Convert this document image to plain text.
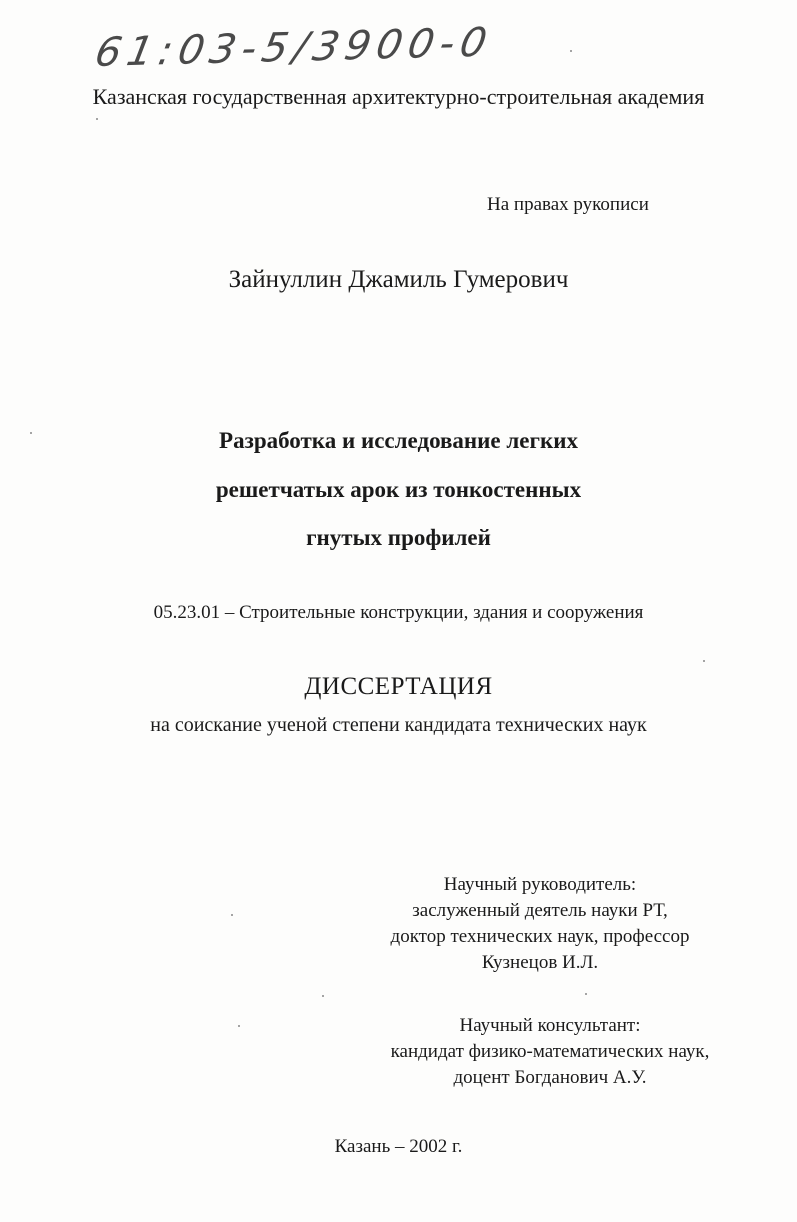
61:03-5/3900-0
Казанская государственная архитектурно-строительная академия
На правах рукописи
Зайнуллин Джамиль Гумерович
Разработка и исследование легких
решетчатых арок из тонкостенных
гнутых профилей
05.23.01 – Строительные конструкции, здания и сооружения
ДИССЕРТАЦИЯ
на соискание ученой степени кандидата технических наук
Научный руководитель:
заслуженный деятель науки РТ,
доктор технических наук, профессор
Кузнецов И.Л.
Научный консультант:
кандидат физико-математических наук,
доцент Богданович А.У.
Казань – 2002 г.
